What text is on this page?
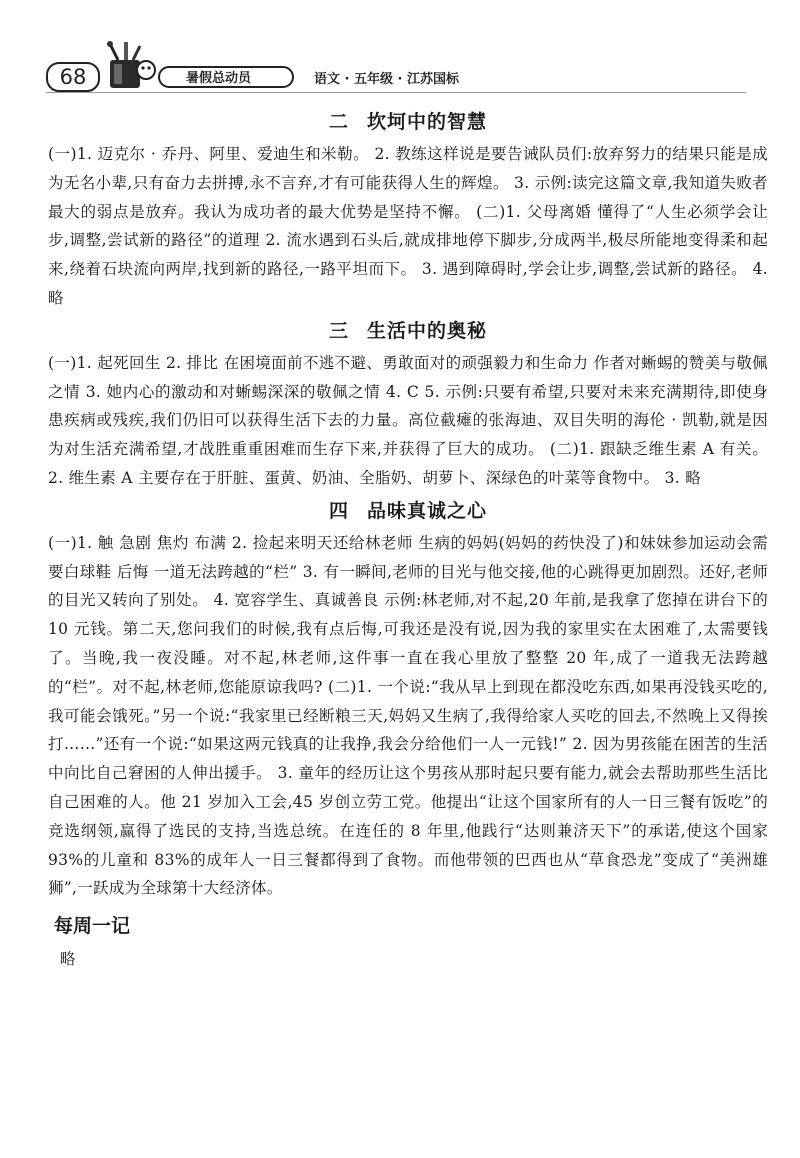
68	暑假总动员	语文 · 五年级 · 江苏国标
二 坎坷中的智慧

(一)1. 迈克尔 · 乔丹、阿里、爱迪生和米勒。 2. 教练这样说是要告诫队员们:放弃努力的结果只能是成为无名小辈,只有奋力去拼搏,永不言弃,才有可能获得人生的辉煌。 3. 示例:读完这篇文章,我知道失败者最大的弱点是放弃。我认为成功者的最大优势是坚持不懈。 (二)1. 父母离婚 懂得了“人生必须学会让步,调整,尝试新的路径”的道理 2. 流水遇到石头后,就成排地停下脚步,分成两半,极尽所能地变得柔和起来,绕着石块流向两岸,找到新的路径,一路平坦而下。 3. 遇到障碍时,学会让步,调整,尝试新的路径。 4. 略

三 生活中的奥秘

(一)1. 起死回生 2. 排比 在困境面前不逃不避、勇敢面对的顽强毅力和生命力 作者对蜥蜴的赞美与敬佩之情 3. 她内心的激动和对蜥蜴深深的敬佩之情 4. C 5. 示例:只要有希望,只要对未来充满期待,即使身患疾病或残疾,我们仍旧可以获得生活下去的力量。高位截瘫的张海迪、双目失明的海伦 · 凯勒,就是因为对生活充满希望,才战胜重重困难而生存下来,并获得了巨大的成功。 (二)1. 跟缺乏维生素 A 有关。 2. 维生素 A 主要存在于肝脏、蛋黄、奶油、全脂奶、胡萝卜、深绿色的叶菜等食物中。 3. 略

四 品味真诚之心

(一)1. 触 急剧 焦灼 布满 2. 捡起来明天还给林老师 生病的妈妈(妈妈的药快没了)和妹妹参加运动会需要白球鞋 后悔 一道无法跨越的“栏” 3. 有一瞬间,老师的目光与他交接,他的心跳得更加剧烈。还好,老师的目光又转向了别处。 4. 宽容学生、真诚善良 示例:林老师,对不起,20 年前,是我拿了您掉在讲台下的 10 元钱。第二天,您问我们的时候,我有点后悔,可我还是没有说,因为我的家里实在太困难了,太需要钱了。当晚,我一夜没睡。对不起,林老师,这件事一直在我心里放了整整 20 年,成了一道我无法跨越的“栏”。对不起,林老师,您能原谅我吗? (二)1. 一个说:“我从早上到现在都没吃东西,如果再没钱买吃的,我可能会饿死。”另一个说:“我家里已经断粮三天,妈妈又生病了,我得给家人买吃的回去,不然晚上又得挨打……”还有一个说:“如果这两元钱真的让我挣,我会分给他们一人一元钱!” 2. 因为男孩能在困苦的生活中向比自己窘困的人伸出援手。 3. 童年的经历让这个男孩从那时起只要有能力,就会去帮助那些生活比自己困难的人。他 21 岁加入工会,45 岁创立劳工党。他提出“让这个国家所有的人一日三餐有饭吃”的竞选纲领,赢得了选民的支持,当选总统。在连任的 8 年里,他践行“达则兼济天下”的承诺,使这个国家 93%的儿童和 83%的成年人一日三餐都得到了食物。而他带领的巴西也从“草食恐龙”变成了“美洲雄狮”,一跃成为全球第十大经济体。

每周一记

略
